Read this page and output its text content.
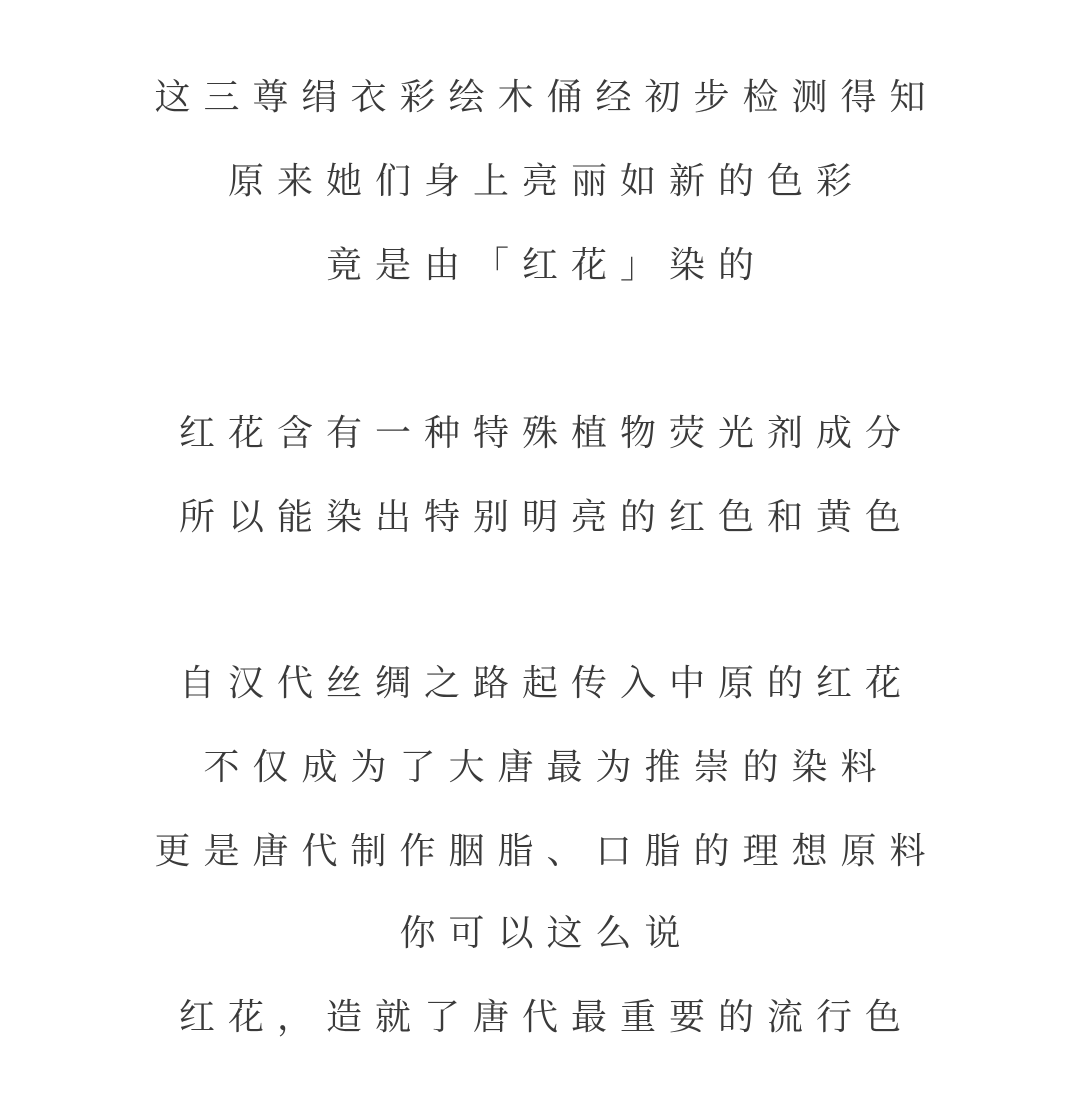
这三尊绢衣彩绘木俑经初步检测得知
原来她们身上亮丽如新的色彩
竟是由「红花」染的
红花含有一种特殊植物荧光剂成分
所以能染出特别明亮的红色和黄色
自汉代丝绸之路起传入中原的红花
不仅成为了大唐最为推崇的染料
更是唐代制作胭脂、口脂的理想原料
你可以这么说
红花，造就了唐代最重要的流行色
